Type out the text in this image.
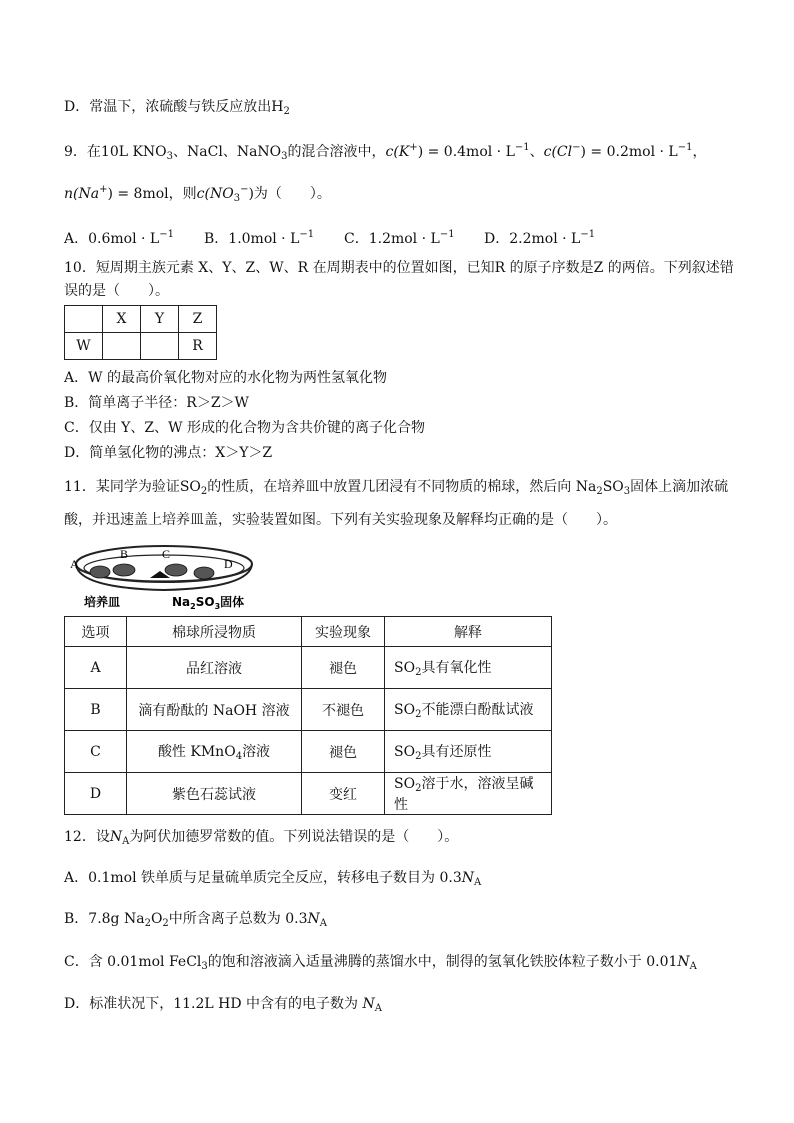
D．常温下，浓硫酸与铁反应放出$H_2$
9．在10L $KNO_3$、NaCl、NaNO$_3$的混合溶液中，$c(K^+) = 0.4mol \cdot L^{-1}$、$c(Cl^-) = 0.2mol \cdot L^{-1}$，
n(Na+) = 8mol，则$c(NO_3^-)$为（　　）。
A．0.6mol · L−1 B．1.0mol · L−1 C．1.2mol · L−1 D．2.2mol · L−1
10．短周期主族元素 X、Y、Z、W、R 在周期表中的位置如图，已知R 的原子序数是Z 的两倍。下列叙述错
误的是（　　）。
	X	Y	Z
W			R
A．W 的最高价氧化物对应的水化物为两性氢氧化物
B．简单离子半径：R＞Z＞W
C．仅由 Y、Z、W 形成的化合物为含共价键的离子化合物
D．简单氢化物的沸点：X＞Y＞Z
11．某同学为验证$SO_2$的性质，在培养皿中放置几团浸有不同物质的棉球，然后向 $Na_2SO_3$固体上滴加浓硫
酸，并迅速盖上培养皿盖，实验装置如图。下列有关实验现象及解释均正确的是（　　）。
A
B	C
D
培养皿	$Na_2SO_3$固体
选项	棉球所浸物质	实验现象	解释
A	品红溶液	褪色	$SO_2$具有氧化性
B	滴有酚酞的 NaOH 溶液	不褪色	$SO_2$不能漂白酚酞试液
C	酸性 KMnO$_4$溶液	褪色	$SO_2$具有还原性
D	紫色石蕊试液	变红	$SO_2$溶于水，溶液呈碱性
12．设$N_A$为阿伏加德罗常数的值。下列说法错误的是（　　）。
A．0.1mol 铁单质与足量硫单质完全反应，转移电子数目为 $0.3N_A$
B．7.8g $Na_2O_2$中所含离子总数为 $0.3N_A$
C．含 0.01mol FeCl$_3$的饱和溶液滴入适量沸腾的蒸馏水中，制得的氢氧化铁胶体粒子数小于 $0.01N_A$
D．标准状况下，11.2L HD 中含有的电子数为 $N_A$
